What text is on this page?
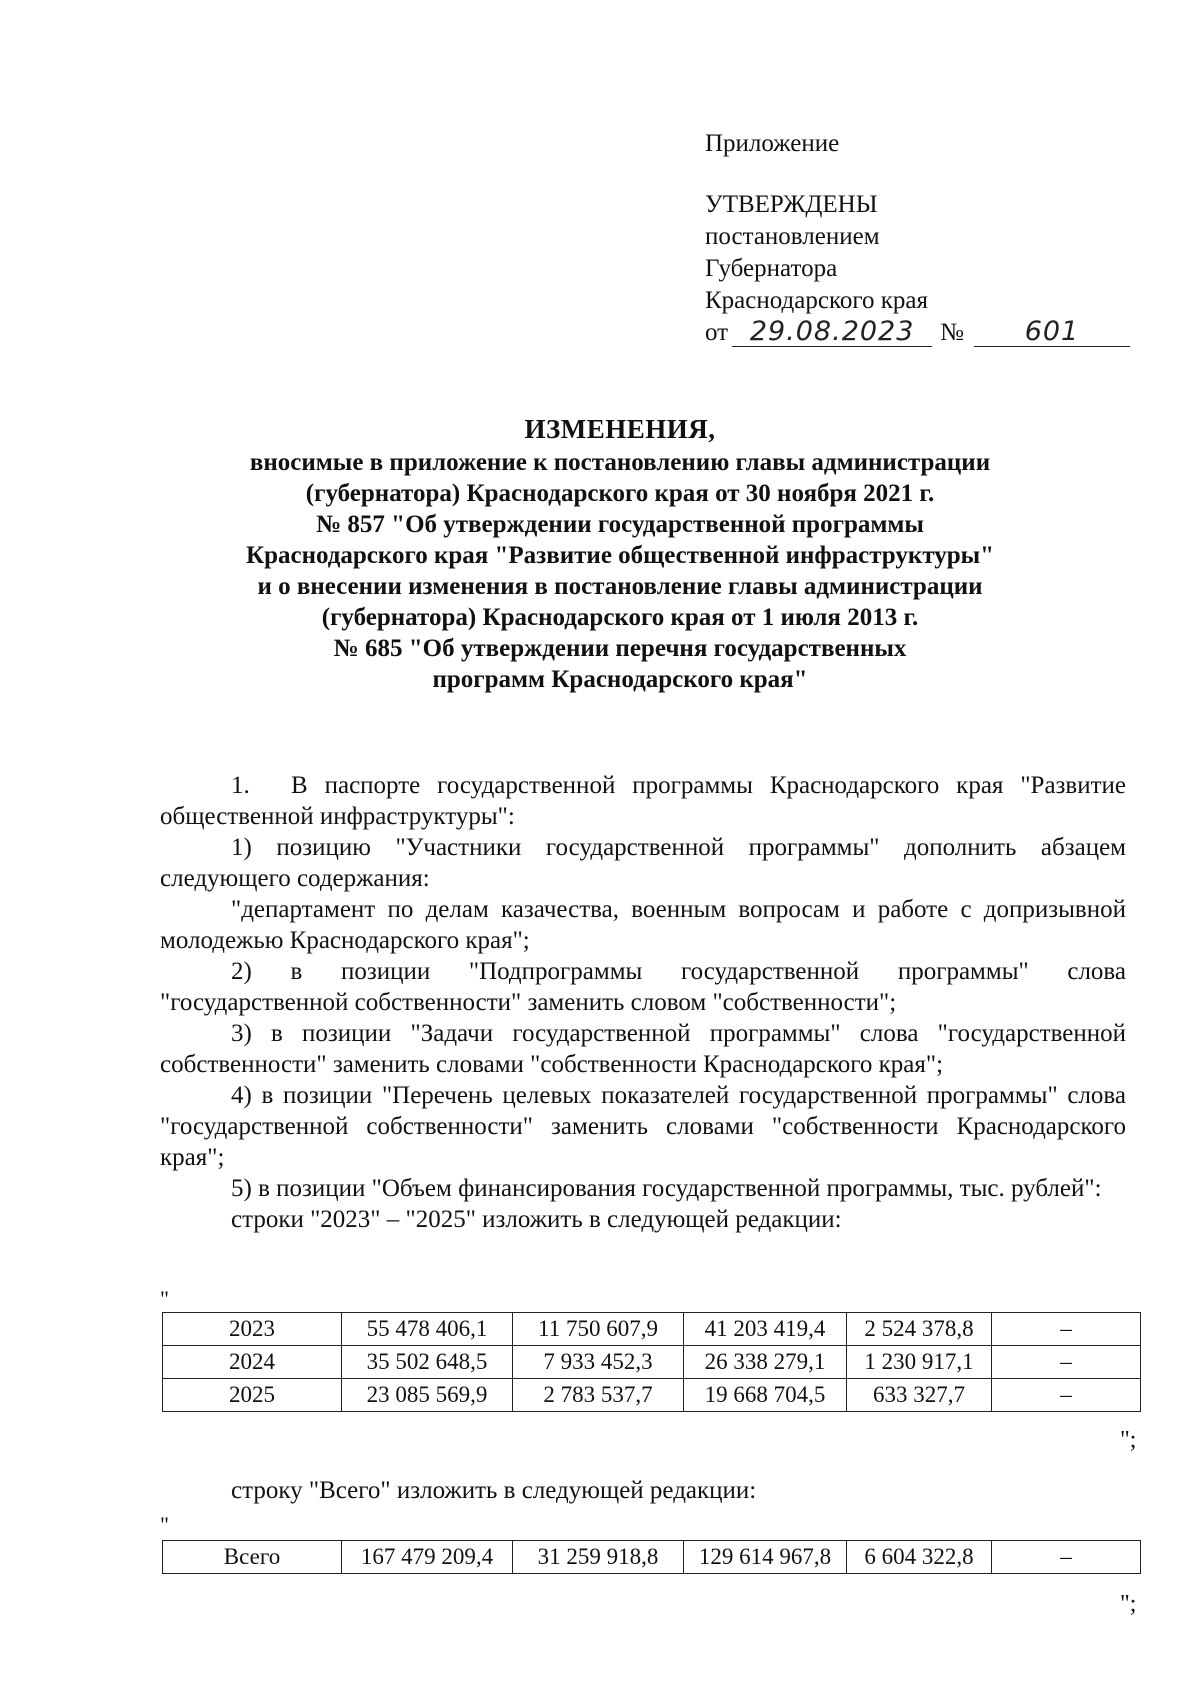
Приложение
УТВЕРЖДЕНЫ
постановлением
Губернатора
Краснодарского края
от 29.08.2023 № 601
ИЗМЕНЕНИЯ,
вносимые в приложение к постановлению главы администрации
(губернатора) Краснодарского края от 30 ноября 2021 г.
№ 857 "Об утверждении государственной программы
Краснодарского края "Развитие общественной инфраструктуры"
и о внесении изменения в постановление главы администрации
(губернатора) Краснодарского края от 1 июля 2013 г.
№ 685 "Об утверждении перечня государственных
программ Краснодарского края"

1. В паспорте государственной программы Краснодарского края "Развитие общественной инфраструктуры":

1) позицию "Участники государственной программы" дополнить абзацем следующего содержания:

"департамент по делам казачества, военным вопросам и работе с допризывной молодежью Краснодарского края";

2) в позиции "Подпрограммы государственной программы" слова "государственной собственности" заменить словом "собственности";

3) в позиции "Задачи государственной программы" слова "государственной собственности" заменить словами "собственности Краснодарского края";

4) в позиции "Перечень целевых показателей государственной программы" слова "государственной собственности" заменить словами "собственности Краснодарского края";

5) в позиции "Объем финансирования государственной программы, тыс. рублей":

строки "2023" – "2025" изложить в следующей редакции:

"
2023	55 478 406,1	11 750 607,9	41 203 419,4	2 524 378,8	–
2024	35 502 648,5	7 933 452,3	26 338 279,1	1 230 917,1	–
2025	23 085 569,9	2 783 537,7	19 668 704,5	633 327,7	–
";
строку "Всего" изложить в следующей редакции:
"
Всего	167 479 209,4	31 259 918,8	129 614 967,8	6 604 322,8	–
";
